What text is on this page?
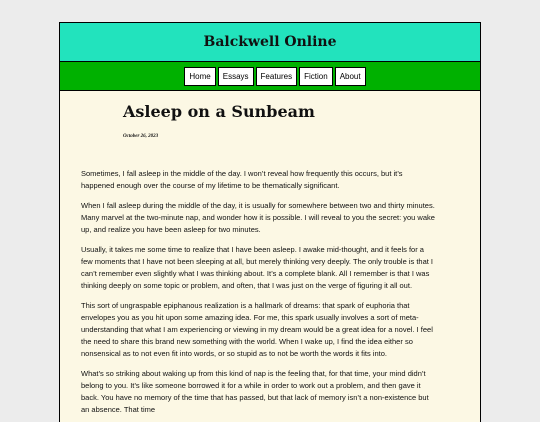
Balckwell Online
Home	Essays	Features	Fiction	About
Asleep on a Sunbeam

October 26, 2023

Sometimes, I fall asleep in the middle of the day. I won’t reveal how frequently this occurs, but it’s happened enough over the course of my lifetime to be thematically significant.

When I fall asleep during the middle of the day, it is usually for somewhere between two and thirty minutes. Many marvel at the two-minute nap, and wonder how it is possible. I will reveal to you the secret: you wake up, and realize you have been asleep for two minutes.

Usually, it takes me some time to realize that I have been asleep. I awake mid-thought, and it feels for a few moments that I have not been sleeping at all, but merely thinking very deeply. The only trouble is that I can’t remember even slightly what I was thinking about. It’s a complete blank. All I remember is that I was thinking deeply on some topic or problem, and often, that I was just on the verge of figuring it all out.

This sort of ungraspable epiphanous realization is a hallmark of dreams: that spark of euphoria that envelopes you as you hit upon some amazing idea. For me, this spark usually involves a sort of meta-understanding that what I am experiencing or viewing in my dream would be a great idea for a novel. I feel the need to share this brand new something with the world. When I wake up, I find the idea either so nonsensical as to not even fit into words, or so stupid as to not be worth the words it fits into.

What’s so striking about waking up from this kind of nap is the feeling that, for that time, your mind didn’t belong to you. It’s like someone borrowed it for a while in order to work out a problem, and then gave it back. You have no memory of the time that has passed, but that lack of memory isn’t a non-existence but an absence. That time
